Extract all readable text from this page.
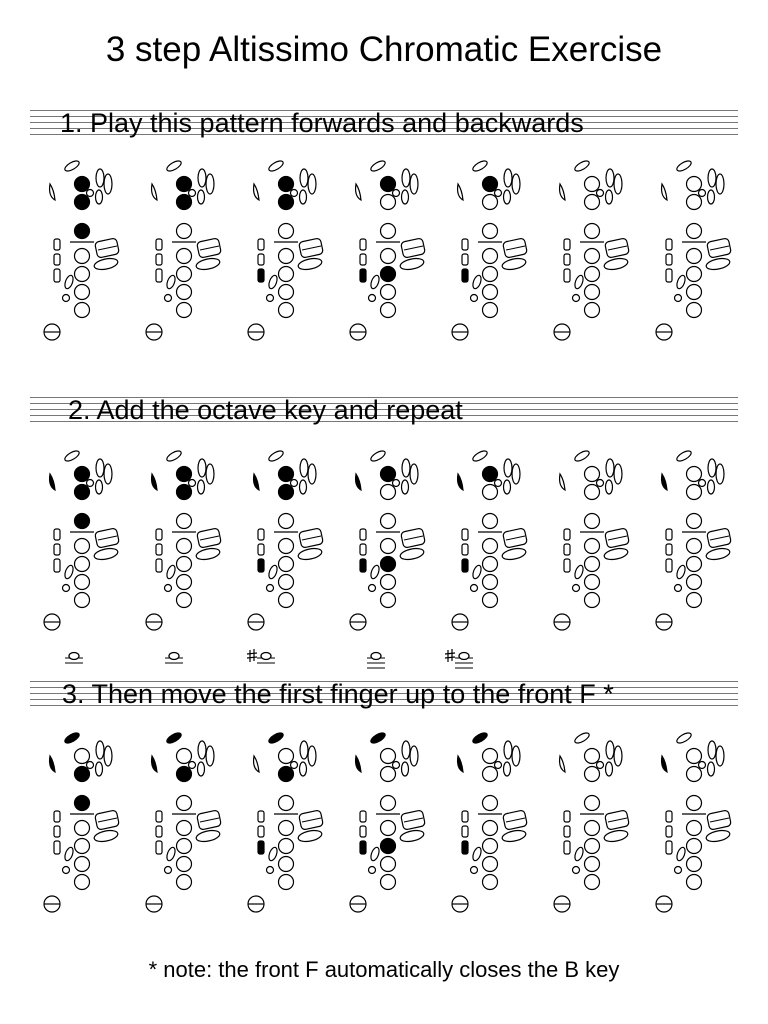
3 step Altissimo Chromatic Exercise
1. Play this pattern forwards and backwards
2. Add the octave key and repeat
3. Then move the first finger up to the front F *
* note: the front F automatically closes the B key
